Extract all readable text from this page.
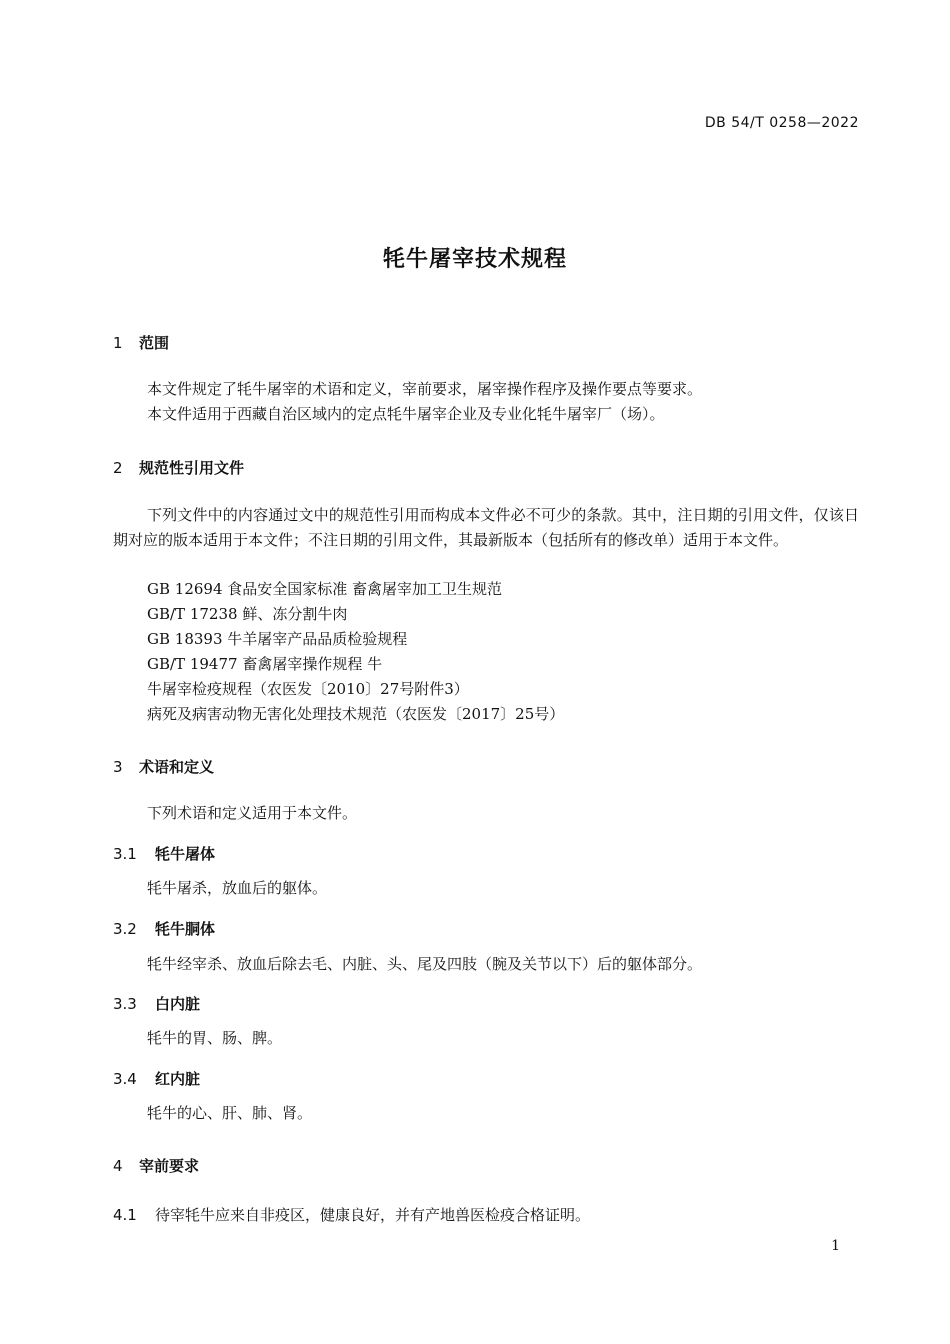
DB 54/T 0258—2022
牦牛屠宰技术规程
1 范围
本文件规定了牦牛屠宰的术语和定义，宰前要求，屠宰操作程序及操作要点等要求。
本文件适用于西藏自治区域内的定点牦牛屠宰企业及专业化牦牛屠宰厂（场）。
2 规范性引用文件
下列文件中的内容通过文中的规范性引用而构成本文件必不可少的条款。其中，注日期的引用文件，仅该日期对应的版本适用于本文件；不注日期的引用文件，其最新版本（包括所有的修改单）适用于本文件。
GB 12694 食品安全国家标准 畜禽屠宰加工卫生规范
GB/T 17238 鲜、冻分割牛肉
GB 18393 牛羊屠宰产品品质检验规程
GB/T 19477 畜禽屠宰操作规程 牛
牛屠宰检疫规程（农医发〔2010〕27号附件3）
病死及病害动物无害化处理技术规范（农医发〔2017〕25号）
3 术语和定义
下列术语和定义适用于本文件。
3.1 牦牛屠体
牦牛屠杀，放血后的躯体。
3.2 牦牛胴体
牦牛经宰杀、放血后除去毛、内脏、头、尾及四肢（腕及关节以下）后的躯体部分。
3.3 白内脏
牦牛的胃、肠、脾。
3.4 红内脏
牦牛的心、肝、肺、肾。
4 宰前要求
4.1 待宰牦牛应来自非疫区，健康良好，并有产地兽医检疫合格证明。
1
